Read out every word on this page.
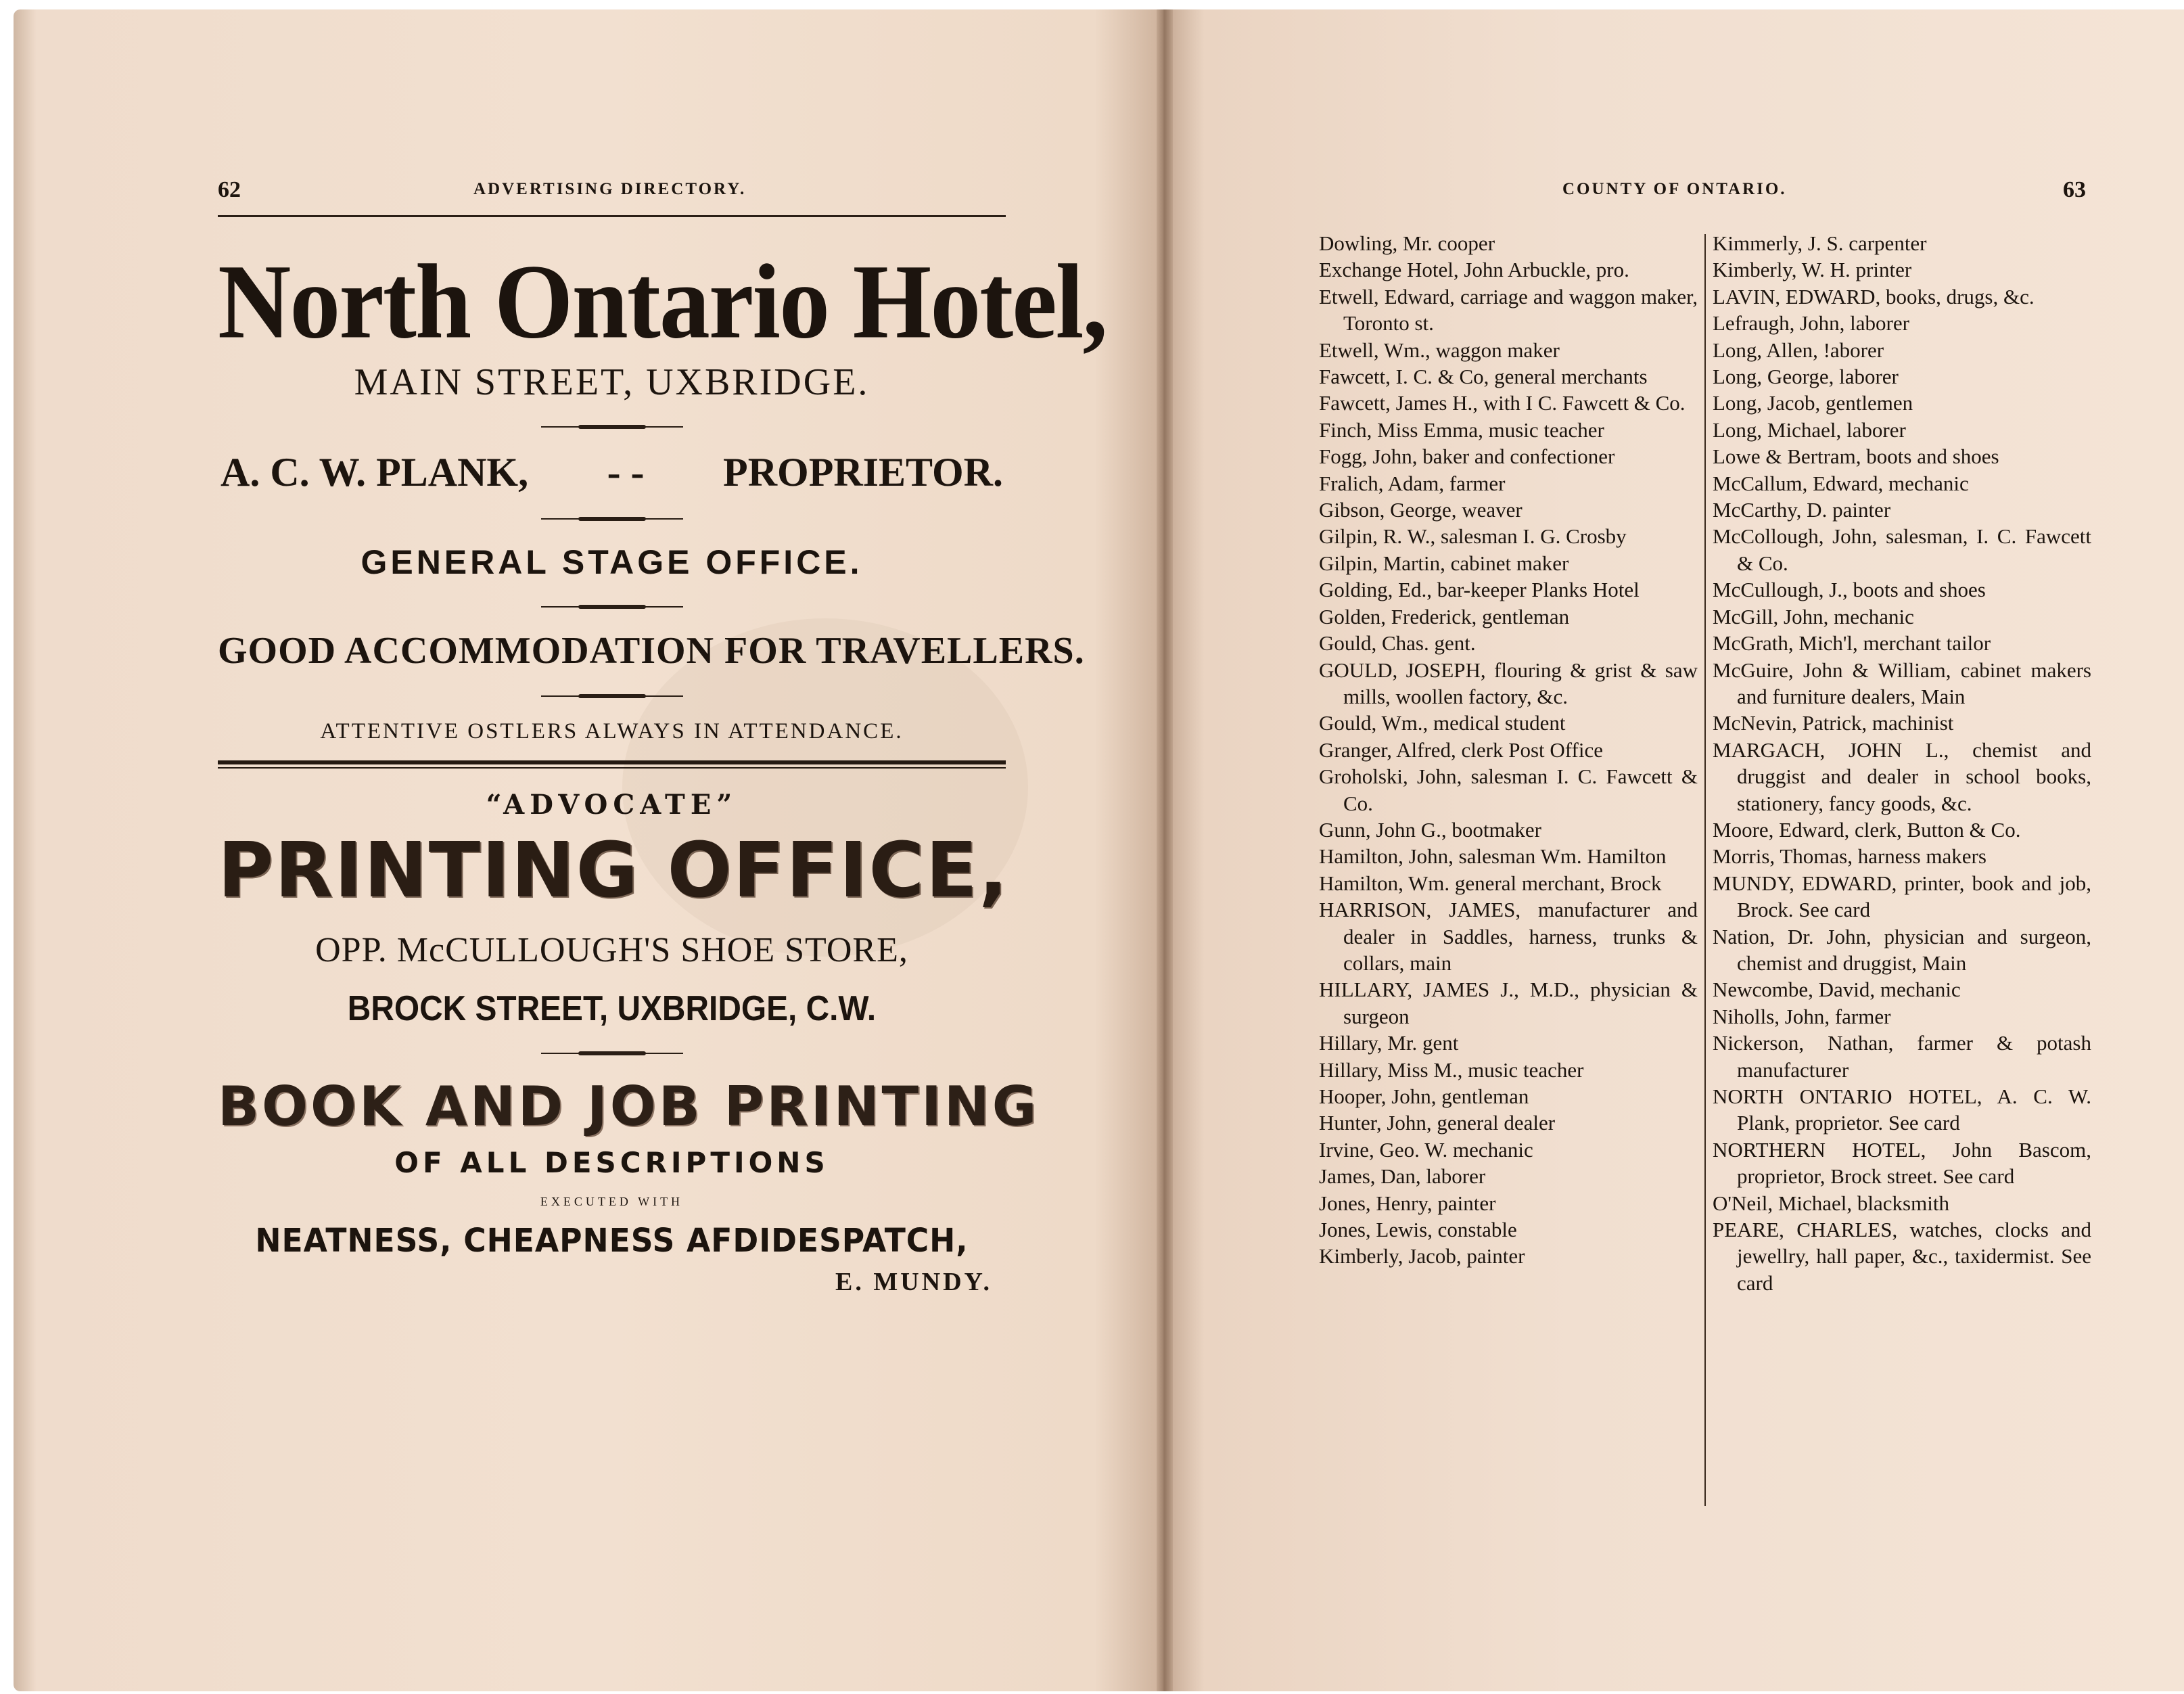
62	ADVERTISING DIRECTORY.
North Ontario Hotel,
MAIN STREET, UXBRIDGE.
A. C. W. PLANK, - - PROPRIETOR.
GENERAL STAGE OFFICE.
GOOD ACCOMMODATION FOR TRAVELLERS.
ATTENTIVE OSTLERS ALWAYS IN ATTENDANCE.
“ADVOCATE”
PRINTING OFFICE,
OPP. McCULLOUGH'S SHOE STORE,
BROCK STREET, UXBRIDGE, C.W.
BOOK AND JOB PRINTING
OF ALL DESCRIPTIONS
EXECUTED WITH
NEATNESS, CHEAPNESS AFDIDESPATCH,
E. MUNDY.
COUNTY OF ONTARIO.	63
Dowling, Mr. cooper
Exchange Hotel, John Arbuckle, pro.
Etwell, Edward, carriage and waggon maker, Toronto st.
Etwell, Wm., waggon maker
Fawcett, I. C. & Co, general merchants
Fawcett, James H., with I C. Fawcett & Co.
Finch, Miss Emma, music teacher
Fogg, John, baker and confectioner
Fralich, Adam, farmer
Gibson, George, weaver
Gilpin, R. W., salesman I. G. Crosby
Gilpin, Martin, cabinet maker
Golding, Ed., bar-keeper Planks Hotel
Golden, Frederick, gentleman
Gould, Chas. gent.
GOULD, JOSEPH, flouring & grist & saw mills, woollen factory, &c.
Gould, Wm., medical student
Granger, Alfred, clerk Post Office
Groholski, John, salesman I. C. Fawcett & Co.
Gunn, John G., bootmaker
Hamilton, John, salesman Wm. Hamilton
Hamilton, Wm. general merchant, Brock
HARRISON, JAMES, manufacturer and dealer in Saddles, harness, trunks & collars, main
HILLARY, JAMES J., M.D., physician & surgeon
Hillary, Mr. gent
Hillary, Miss M., music teacher
Hooper, John, gentleman
Hunter, John, general dealer
Irvine, Geo. W. mechanic
James, Dan, laborer
Jones, Henry, painter
Jones, Lewis, constable
Kimberly, Jacob, painter
Kimmerly, J. S. carpenter
Kimberly, W. H. printer
LAVIN, EDWARD, books, drugs, &c.
Lefraugh, John, laborer
Long, Allen, !aborer
Long, George, laborer
Long, Jacob, gentlemen
Long, Michael, laborer
Lowe & Bertram, boots and shoes
McCallum, Edward, mechanic
McCarthy, D. painter
McCollough, John, salesman, I. C. Fawcett & Co.
McCullough, J., boots and shoes
McGill, John, mechanic
McGrath, Mich'l, merchant tailor
McGuire, John & William, cabinet makers and furniture dealers, Main
McNevin, Patrick, machinist
MARGACH, JOHN L., chemist and druggist and dealer in school books, stationery, fancy goods, &c.
Moore, Edward, clerk, Button & Co.
Morris, Thomas, harness makers
MUNDY, EDWARD, printer, book and job, Brock. See card
Nation, Dr. John, physician and surgeon, chemist and druggist, Main
Newcombe, David, mechanic
Niholls, John, farmer
Nickerson, Nathan, farmer & potash manufacturer
NORTH ONTARIO HOTEL, A. C. W. Plank, proprietor. See card
NORTHERN HOTEL, John Bascom, proprietor, Brock street. See card
O'Neil, Michael, blacksmith
PEARE, CHARLES, watches, clocks and jewellry, hall paper, &c., taxidermist. See card
